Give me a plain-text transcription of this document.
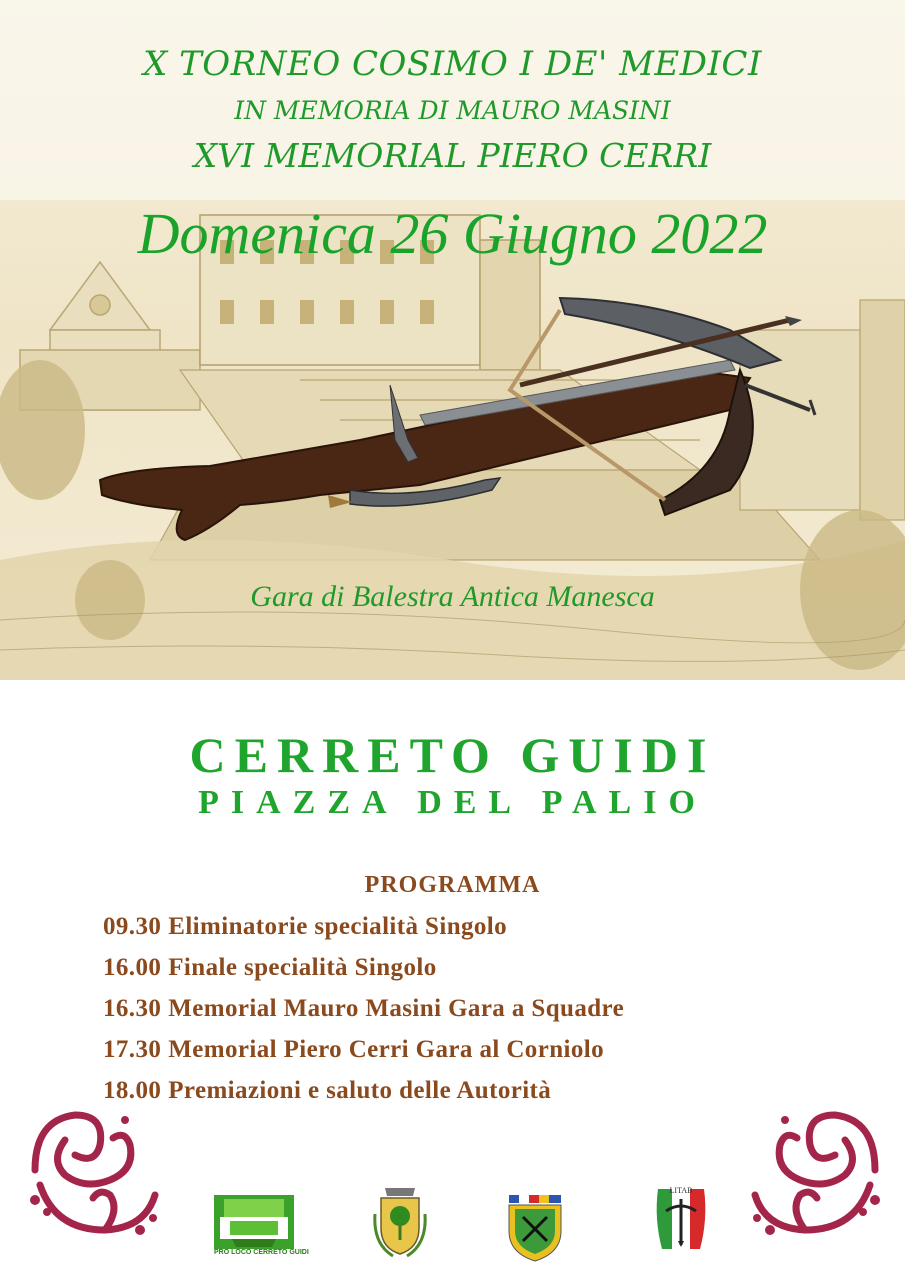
X TORNEO COSIMO I DE' MEDICI
IN MEMORIA DI MAURO MASINI
XVI MEMORIAL PIERO CERRI
Domenica 26 Giugno 2022
Gara di Balestra Antica Manesca
CERRETO GUIDI
PIAZZA DEL PALIO
PROGRAMMA
09.30 Eliminatorie specialità Singolo
16.00 Finale specialità Singolo
16.30 Memorial Mauro Masini Gara a Squadre
17.30 Memorial Piero Cerri Gara al Corniolo
18.00 Premiazioni e saluto delle Autorità
PRO LOCO CERRETO GUIDI
LITAB
